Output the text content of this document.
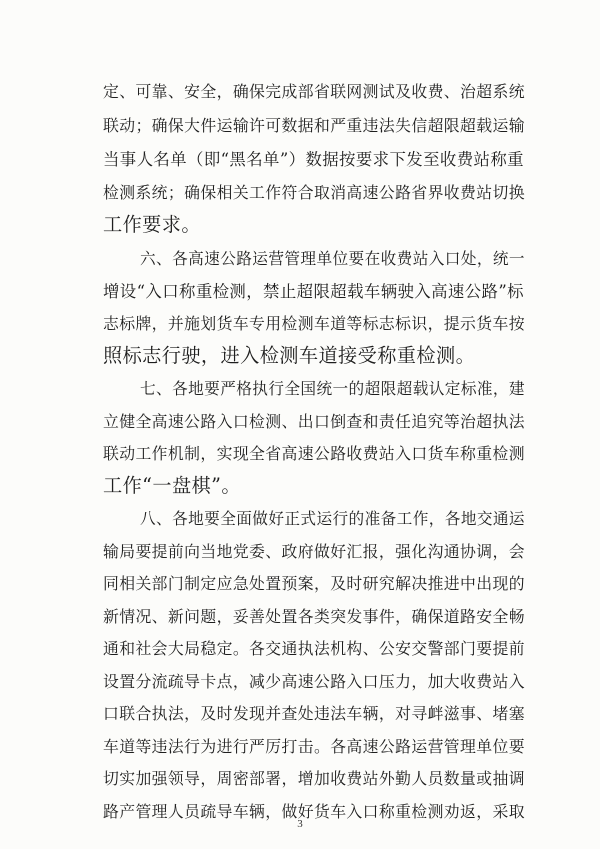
定、可靠、安全，确保完成部省联网测试及收费、治超系统
联动；确保大件运输许可数据和严重违法失信超限超载运输
当事人名单（即“黑名单”）数据按要求下发至收费站称重
检测系统；确保相关工作符合取消高速公路省界收费站切换
工作要求。
六、各高速公路运营管理单位要在收费站入口处，统一
增设“入口称重检测，禁止超限超载车辆驶入高速公路”标
志标牌，并施划货车专用检测车道等标志标识，提示货车按
照标志行驶，进入检测车道接受称重检测。
七、各地要严格执行全国统一的超限超载认定标准，建
立健全高速公路入口检测、出口倒查和责任追究等治超执法
联动工作机制，实现全省高速公路收费站入口货车称重检测
工作“一盘棋”。
八、各地要全面做好正式运行的准备工作，各地交通运
输局要提前向当地党委、政府做好汇报，强化沟通协调，会
同相关部门制定应急处置预案，及时研究解决推进中出现的
新情况、新问题，妥善处置各类突发事件，确保道路安全畅
通和社会大局稳定。各交通执法机构、公安交警部门要提前
设置分流疏导卡点，减少高速公路入口压力，加大收费站入
口联合执法，及时发现并查处违法车辆，对寻衅滋事、堵塞
车道等违法行为进行严厉打击。各高速公路运营管理单位要
切实加强领导，周密部署，增加收费站外勤人员数量或抽调
路产管理人员疏导车辆，做好货车入口称重检测劝返，采取
3
